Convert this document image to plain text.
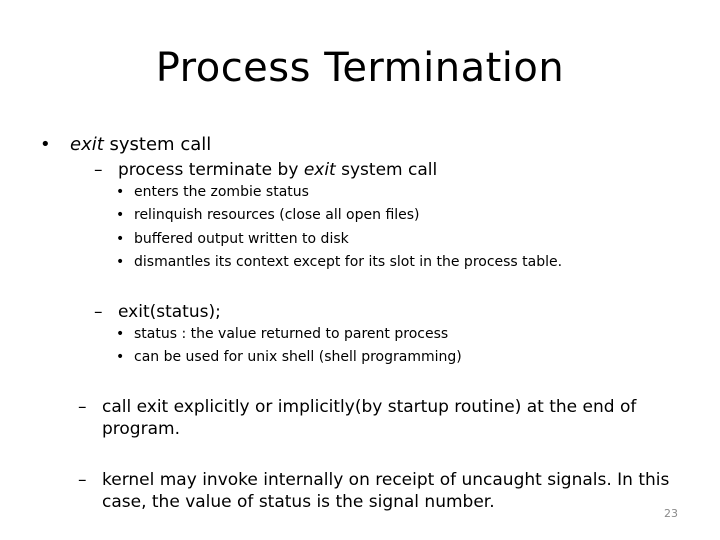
Process Termination
• exit system call
– process terminate by exit system call
• enters the zombie status
• relinquish resources (close all open files)
• buffered output written to disk
• dismantles its context except for its slot in the process table.
– exit(status);
• status : the value returned to parent process
• can be used for unix shell (shell programming)
– call exit explicitly or implicitly(by startup routine) at the end of
program.
– kernel may invoke internally on receipt of uncaught signals. In this
case, the value of status is the signal number.
23
